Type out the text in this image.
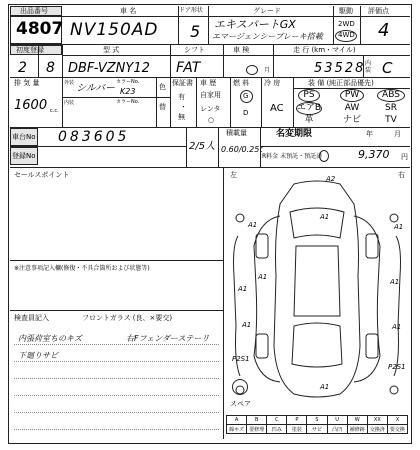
出品番号
4807
車 名
NV150AD
ドア形状
5
グレード
エキスパートGX
エマージェンシーブレーキ搭載
駆動
2WD
4WD
評価点
4
初度登録
2 8
型 式
DBF-VZNY12
シフト
FAT
車 検
月
走 行 (km・マイル)
53528 内装 C
排 気 量
1600 c.c.
外装
内装
シルバー
カラーNo.
カラーNo.
K23	色
替
保証書
有
・
無
車 歴
自家用
レンタ
○
燃 料
G
D
冷 房
AC
装 備 (純正部品優先)
PS	PW	ABS
エアB	AW	SR
革	ナビ	TV
車台No 083605
登録No
2/5人
積載量
0.60/0.25t
名変期限	年	月
R料金 未預託・預託済	9,370 円
セールスポイント
※注意事項記入欄(修復・不具合箇所および状態等)
検査員記入	フロントガラス (良、×要交)
内張荷室ちのキズ	右Fフェンダーステーリ
下廻りサビ
左	右
A2
A1
A1	A1
A1
A1
A1
A1	A1
P2S1
P2S1
A1
スペア
A	B	C	P	S	U	W	XX	X
線キズ	要修理	凹み	塗装	サビ	凸凹	補修跡	交換済	要交換
